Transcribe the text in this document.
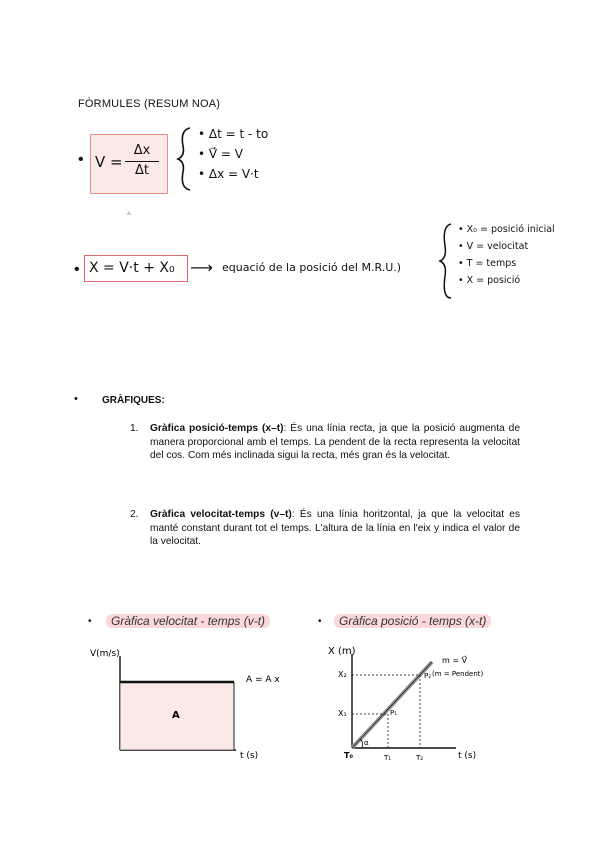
FÒRMULES (RESUM NOA)
• V =
Δx
Δt
• Δt = t - to
• V⃗ = V
• Δx = V·t
▲
• X = V·t + X₀ ⟶ equació de la posició del M.R.U.)
• X₀ = posició inicial
• V = velocitat
• T = temps
• X = posició
• GRÀFIQUES:
1.	Gràfica posició-temps (x–t): És una línia recta, ja que la posició augmenta de manera proporcional amb el temps. La pendent de la recta representa la velocitat del cos. Com més inclinada sigui la recta, més gran és la velocitat.
2.	Gràfica velocitat-temps (v–t): És una línia horitzontal, ja que la velocitat es manté constant durant tot el temps. L'altura de la línia en l'eix y indica el valor de la velocitat.
•	Gràfica velocitat - temps (v-t)	•	Gràfica posició - temps (x-t)
V(m/s)
A
A = A x
t (s)
X (m)
α
X₂
X₁
P₂
P₁
T₀	T₁	T₂	t (s)
m = V⃗
(m = Pendent)
